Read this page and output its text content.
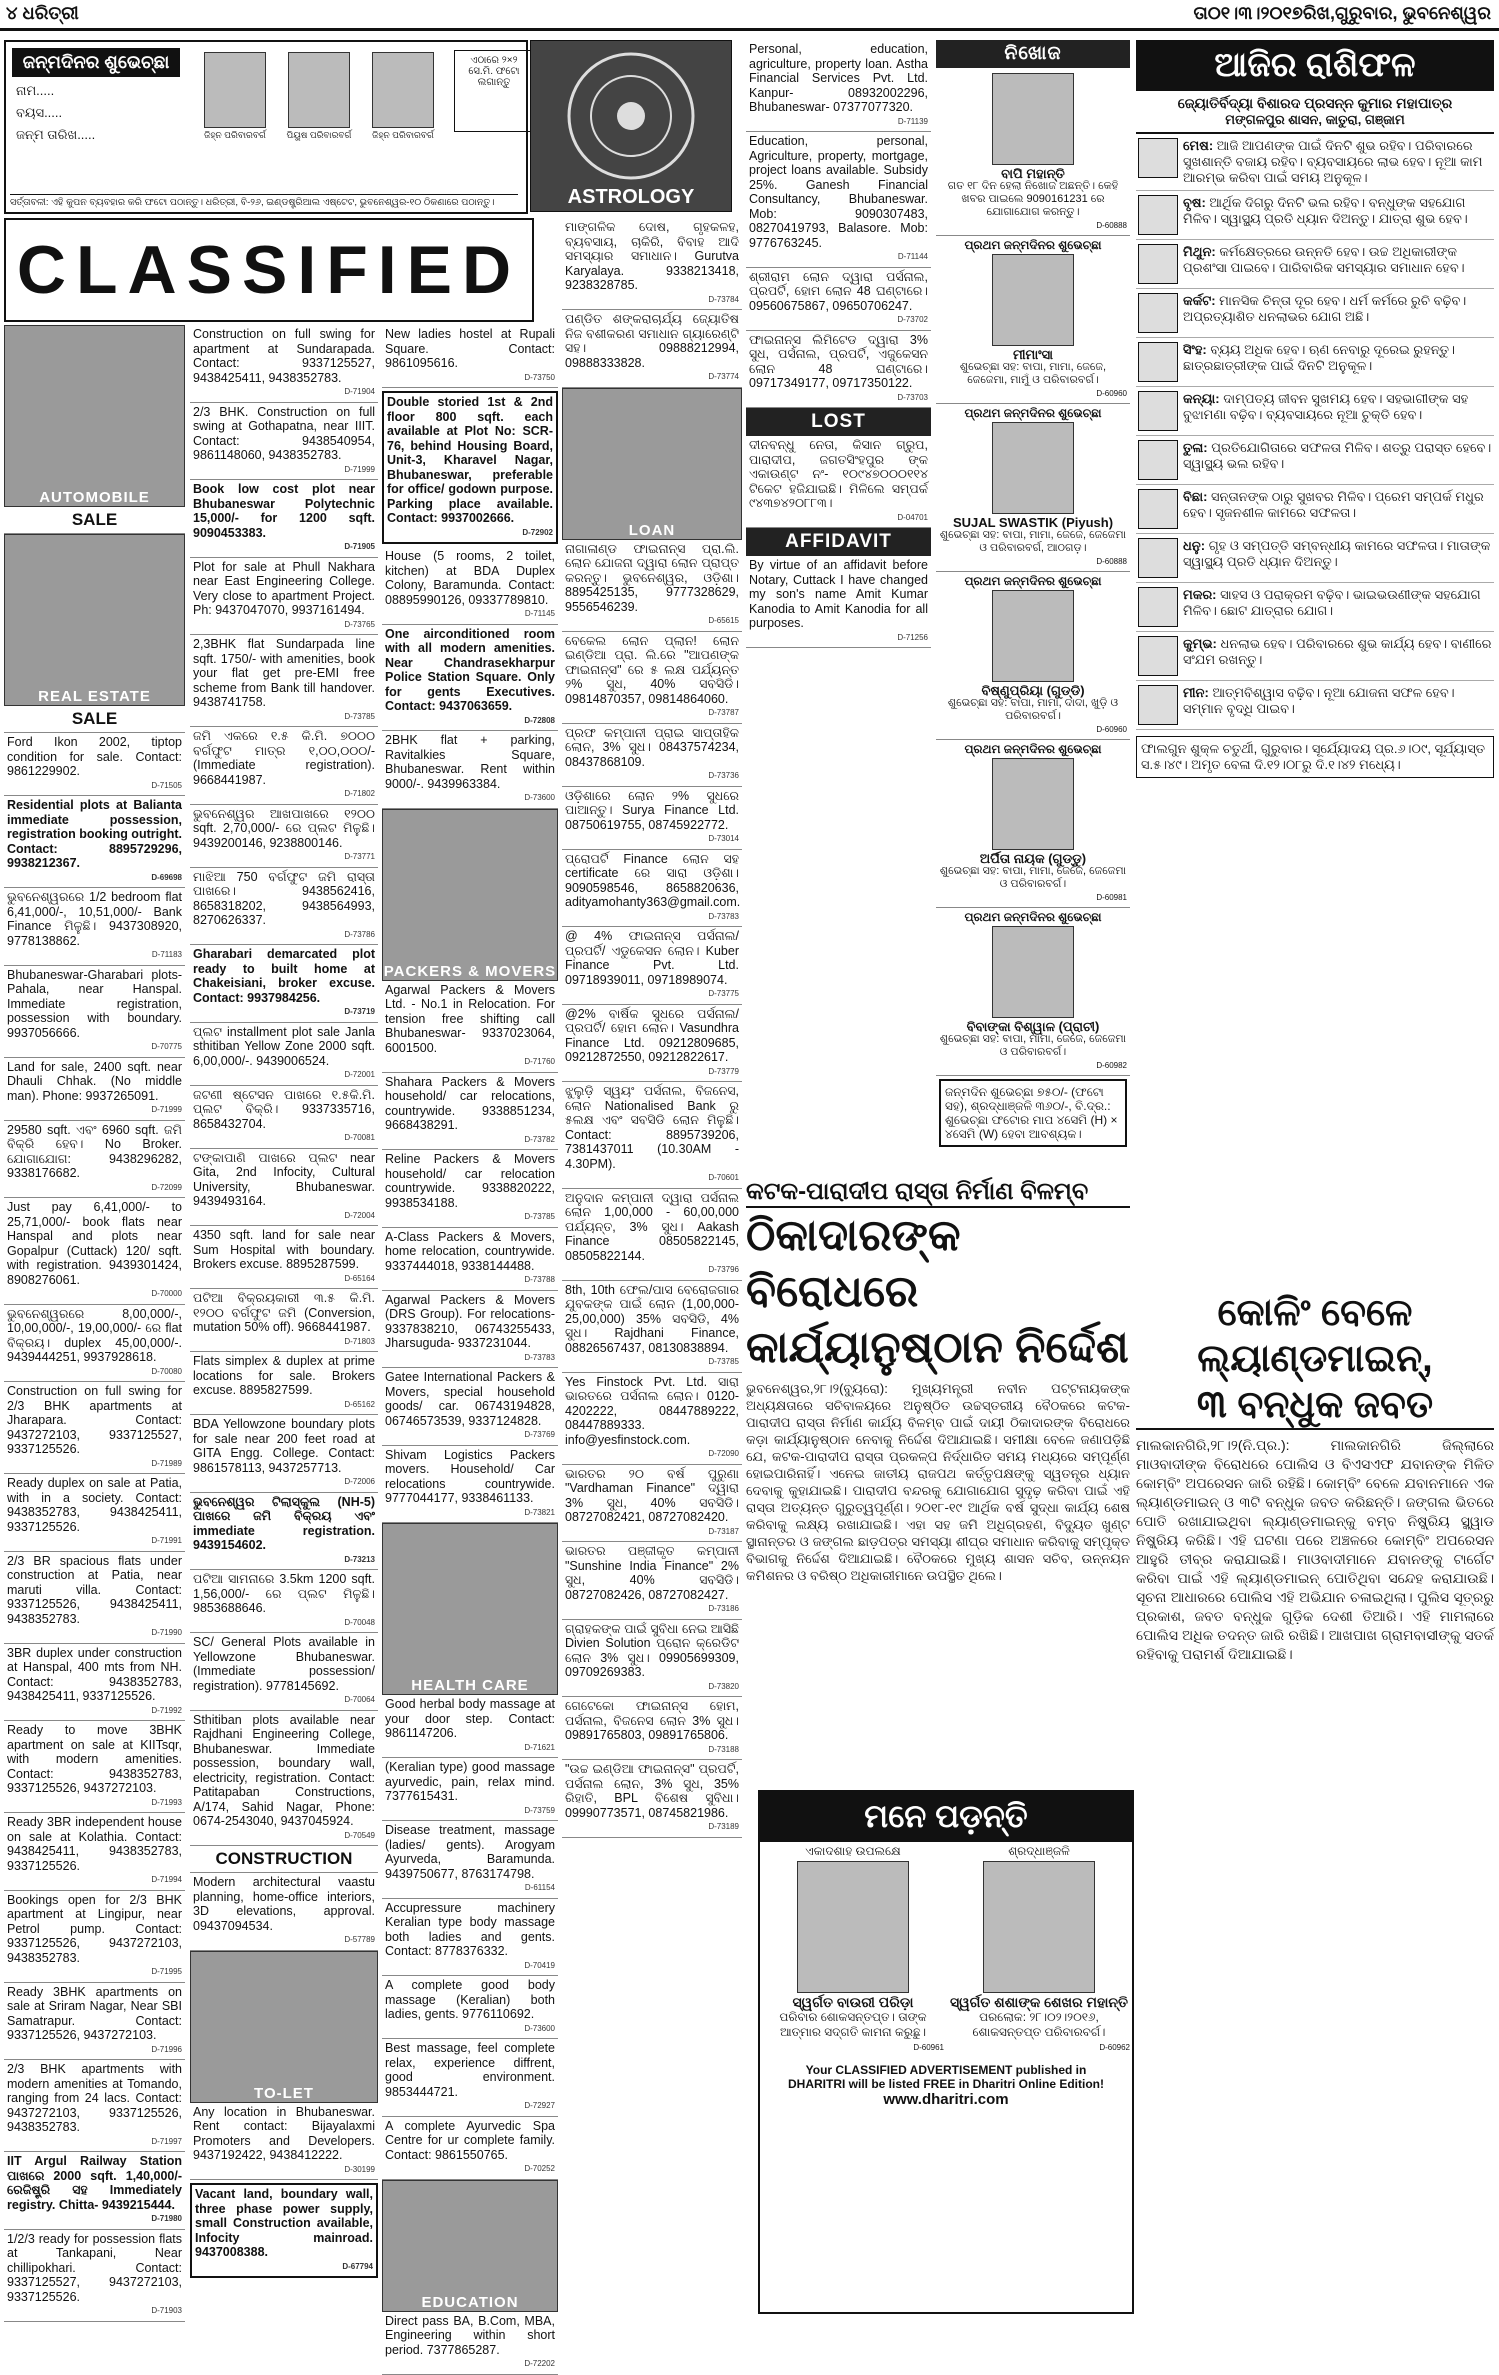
୪ ଧରିତ୍ରୀ	ତା୦୧।୩।୨୦୧୭ରିଖ,ଗୁରୁବାର, ଭୁବନେଶ୍ୱର
ଜନ୍ମଦିନର ଶୁଭେଚ୍ଛା
ନାମ.....
ବୟସ.....
ଜନ୍ମ ତାରିଖ.....	ଜିହ୍ନ ପରିବାରବର୍ଗ	ପିୟୁଷ ପରିବାରବର୍ଗ	ଜିହ୍ନ ପରିବାରବର୍ଗ
ଏଠାରେ ୨×୨ ସେ.ମି. ଫଟୋ ଲଗାନ୍ତୁ
ସର୍ତ୍ତାବଳୀ: ଏହି କୁପନ ବ୍ୟବହାର କରି ଫଟୋ ପଠାନ୍ତୁ। ଧରିତ୍ରୀ, ବି-୨୬, ଇଣ୍ଡଷ୍ଟ୍ରିଆଲ ଏଷ୍ଟେଟ, ଭୁବନେଶ୍ୱର-୧୦ ଠିକଣାରେ ପଠାନ୍ତୁ।	ASTROLOGY
CLASSIFIED
AUTOMOBILE
SALE
REAL ESTATE
SALE
Ford Ikon 2002, tiptop condition for sale. Contact: 9861229902.
D-71505
Residential plots at Balianta immediate possession, registration booking outright. Contact: 8895729296, 9938212367.
D-69698
ଭୁବନେଶ୍ୱରରେ 1/2 bedroom flat 6,41,000/-, 10,51,000/- Bank Finance ମିଳୁଛି। 9437308920, 9778138862.
D-71183
Bhubaneswar-Gharabari plots-Pahala, near Hanspal. Immediate registration, possession with boundary. 9937056666.
D-70775
Land for sale, 2400 sqft. near Dhauli Chhak. (No middle man). Phone: 9937265091.
D-71999
29580 sqft. ଏବଂ 6960 sqft. ଜମି ବିକ୍ରି ହେବ। No Broker. ଯୋଗାଯୋଗ: 9438296282, 9338176682.
D-72099
Just pay 6,41,000/- to 25,71,000/- book flats near Hanspal and plots near Gopalpur (Cuttack) 120/ sqft. with registration. 9439301424, 8908276061.
D-70000
ଭୁବନେଶ୍ୱରରେ 8,00,000/-, 10,00,000/-, 19,00,000/- ରେ flat ବିକ୍ରୟ। duplex 45,00,000/-. 9439444251, 9937928618.
D-70080
Construction on full swing for 2/3 BHK apartments at Jharapara. Contact: 9437272103, 9337125527, 9337125526.
D-71989
Ready duplex on sale at Patia, with in a society. Contact: 9438352783, 9438425411, 9337125526.
D-71991
2/3 BR spacious flats under construction at Patia, near maruti villa. Contact: 9337125526, 9438425411, 9438352783.
D-71990
3BR duplex under construction at Hanspal, 400 mts from NH. Contact: 9438352783, 9438425411, 9337125526.
D-71992
Ready to move 3BHK apartment on sale at KIITsqr, with modern amenities. Contact: 9438352783, 9337125526, 9437272103.
D-71993
Ready 3BR independent house on sale at Kolathia. Contact: 9438425411, 9438352783, 9337125526.
D-71994
Bookings open for 2/3 BHK apartment at Lingipur, near Petrol pump. Contact: 9337125526, 9437272103, 9438352783.
D-71995
Ready 3BHK apartments on sale at Sriram Nagar, Near SBI Samatrapur. Contact: 9337125526, 9437272103.
D-71996
2/3 BHK apartments with modern amenities at Tomando, ranging from 24 lacs. Contact: 9437272103, 9337125526, 9438352783.
D-71997
IIT Argul Railway Station ପାଖରେ 2000 sqft. 1,40,000/- ରେଜିଷ୍ଟ୍ରି ସହ Immediately registry. Chitta- 9439215444.
D-71980
1/2/3 ready for possession flats at Tankapani, Near chillipokhari. Contact: 9337125527, 9437272103, 9337125526.
D-71903
Construction on full swing for apartment at Sundarapada. Contact: 9337125527, 9438425411, 9438352783.
D-71904
2/3 BHK. Construction on full swing at Gothapatna, near IIIT. Contact: 9438540954, 9861148060, 9438352783.
D-71999
Book low cost plot near Bhubaneswar Polytechnic 15,000/- for 1200 sqft. 9090453383.
D-71905
Plot for sale at Phull Nakhara near East Engineering College. Very close to apartment Project. Ph: 9437047070, 9937161494.
D-73765
2,3BHK flat Sundarpada line sqft. 1750/- with amenities, book your flat get pre-EMI free scheme from Bank till handover. 9438741758.
D-73785
ଜମି ଏକରେ ୧.୫ କି.ମି. ୭୦୦୦ ବର୍ଗଫୁଟ ମାତ୍ର ୧,୦୦,୦୦୦/- (Immediate registration). 9668441987.
D-71802
ଭୁବନେଶ୍ୱର ଆଖପାଖରେ ୧୨୦୦ sqft. 2,70,000/- ରେ ପ୍ଲଟ ମିଳୁଛି। 9439200146, 9238800146.
D-73771
ମାଝିଆ 750 ବର୍ଗଫୁଟ ଜମି ରାସ୍ତା ପାଖରେ। 9438562416, 8658318202, 9438564993, 8270626337.
D-73786
Gharabari demarcated plot ready to built home at Chakeisiani, broker excuse. Contact: 9937984256.
D-73719
ପ୍ଲଟ installment plot sale Janla sthitiban Yellow Zone 2000 sqft. 6,00,000/-. 9439006524.
D-72001
ଜଟଣୀ ଷ୍ଟେସନ ପାଖରେ ୧.୫କି.ମି. ପ୍ଲଟ ବିକ୍ରି। 9337335716, 8658432704.
D-70081
ଟଙ୍କାପାଣି ପାଖରେ ପ୍ଲଟ near Gita, 2nd Infocity, Cultural University, Bhubaneswar. 9439493164.
D-72004
4350 sqft. land for sale near Sum Hospital with boundary. Brokers excuse. 8895287599.
D-65164
ପଟିଆ ବିକ୍ରୟକାରୀ ୩.୫ କି.ମି. ୧୨୦୦ ବର୍ଗଫୁଟ ଜମି (Conversion, mutation 50% off). 9668441987.
D-71803
Flats simplex & duplex at prime locations for sale. Brokers excuse. 8895827599.
D-65162
BDA Yellowzone boundary plots for sale near 200 feet road at GITA Engg. College. Contact: 9861578113, 9437257713.
D-72006
ଭୁବନେଶ୍ୱର ଟିଲାସ୍କୁଲ (NH-5) ପାଖରେ ଜମି ବିକ୍ରୟ ଏବଂ immediate registration. 9439154602.
D-73213
ପଟିଆ ସାମନାରେ 3.5km 1200 sqft. 1,56,000/- ରେ ପ୍ଲଟ ମିଳୁଛି। 9853688646.
D-70048
SC/ General Plots available in Yellowzone Bhubaneswar. (Immediate possession/ registration). 9778145692.
D-70064
Sthitiban plots available near Rajdhani Engineering College, Bhubaneswar. Immediate possession, boundary wall, electricity, registration. Contact: Patitapaban Constructions, A/174, Sahid Nagar, Phone: 0674-2543040, 9437045924.
D-70549
CONSTRUCTION
Modern architectural vaastu planning, home-office interiors, 3D elevations, approval. 09437094534.
D-57789
TO-LET
Any location in Bhubaneswar. Rent contact: Bijayalaxmi Promoters and Developers. 9437192422, 9438412222.
D-30199
Vacant land, boundary wall, three phase power supply, small Construction available, Infocity mainroad. 9437008388.
D-67794
New ladies hostel at Rupali Square. Contact: 9861095616.
D-73750
Double storied 1st & 2nd floor 800 sqft. each available at Plot No: SCR-76, behind Housing Board, Unit-3, Kharavel Nagar, Bhubaneswar, preferable for office/ godown purpose. Parking place available. Contact: 9937002666.
D-72902
House (5 rooms, 2 toilet, kitchen) at BDA Duplex Colony, Baramunda. Contact: 08895990126, 09337789810.
D-71145
One airconditioned room with all modern amenities. Near Chandrasekharpur Police Station Square. Only for gents Executives. Contact: 9437063659.
D-72808
2BHK flat + parking, Ravitalkies Square, Bhubaneswar. Rent within 9000/-. 9439963384.
D-73600
PACKERS & MOVERS
Agarwal Packers & Movers Ltd. - No.1 in Relocation. For tension free shifting call Bhubaneswar- 9337023064, 6001500.
D-71760
Shahara Packers & Movers household/ car relocations, countrywide. 9338851234, 9668438291.
D-73782
Reline Packers & Movers household/ car relocation countrywide. 9338820222, 9938534188.
D-73785
A-Class Packers & Movers, home relocation, countrywide. 9337444018, 9338144488.
D-73788
Agarwal Packers & Movers (DRS Group). For relocations- 9337838210, 06743255433, Jharsuguda- 9337231044.
D-73783
Gatee International Packers & Movers, special household goods/ car. 06743194828, 06746573539, 9337124828.
D-73769
Shivam Logistics Packers movers. Household/ Car relocations countrywide. 9777044177, 9338461133.
D-73821
HEALTH CARE
Good herbal body massage at your door step. Contact: 9861147206.
D-71621
(Keralian type) good massage ayurvedic, pain, relax mind. 7377615431.
D-73759
Disease treatment, massage (ladies/ gents). Arogyam Ayurveda, Baramunda. 9439750677, 8763174798.
D-61154
Accupressure machinery Keralian type body massage both ladies and gents. Contact: 8778376332.
D-70419
A complete good body massage (Keralian) both ladies, gents. 9776110692.
D-73600
Best massage, feel complete relax, experience diffrent, good environment. 9853444721.
D-72927
A complete Ayurvedic Spa Centre for ur complete family. Contact: 9861550765.
D-70252
EDUCATION
Direct pass BA, B.Com, MBA, Engineering within short period. 7377865287.
D-72202
ମାଙ୍ଗଳିକ ଦୋଷ, ଗୃହକଳହ, ବ୍ୟବସାୟ, ଚାକିରି, ବିବାହ ଆଦି ସମସ୍ୟାର ସମାଧାନ। Gurutva Karyalaya. 9338213418, 9238328785.
D-73784
ପଣ୍ଡିତ ଶଙ୍କରାଚାର୍ଯ୍ୟ ଜ୍ୟୋତିଷ ନିଜ ବଶୀକରଣ ସମାଧାନ ଗ୍ୟାରେଣ୍ଟି ସହ। 09888212994, 09888333828.
D-73774
LOAN
ନାଗାଳାଣ୍ଡ ଫାଇନାନ୍ସ ପ୍ରା.ଲି. ଲୋନ ଯୋଜନା ଦ୍ୱାରା ଲୋନ ପ୍ରାପ୍ତ କରନ୍ତୁ। ଭୁବନେଶ୍ୱର, ଓଡ଼ିଶା। 8895425135, 9777328629, 9556546239.
D-65615
ବେକେଲ ଲୋନ ପ୍ଲାନ! ଲୋନ ଇଣ୍ଡିଆ ପ୍ରା. ଲି.ରେ "ଆପଣଙ୍କ ଫାଇନାନ୍ସ" ରେ ୫ ଲକ୍ଷ ପର୍ଯ୍ୟନ୍ତ ୨% ସୁଧ, 40% ସବସିଡି। 09814870357, 09814864060.
D-73787
ପ୍ରଫ କମ୍ପାନୀ ପ୍ରାଇ ସାପ୍ତାହିକ ଲୋନ, 3% ସୁଧ। 08437574234, 08437868109.
D-73736
ଓଡ଼ିଶାରେ ଲୋନ ୨% ସୁଧରେ ପାଆନ୍ତୁ। Surya Finance Ltd. 08750619755, 08745922772.
D-73014
ପ୍ରୋପର୍ଟି Finance ଲୋନ ସହ certificate ରେ ସାରା ଓଡ଼ିଶା। 9090598546, 8658820636, adityamohanty363@gmail.com.
D-73783
@ 4% ଫାଇନାନ୍ସ ପର୍ସନାଲ/ ପ୍ରପର୍ଟି/ ଏଡୁକେସନ ଲୋନ। Kuber Finance Pvt. Ltd. 09718939011, 09718989074.
D-73775
@2% ବାର୍ଷିକ ସୁଧରେ ପର୍ସନାଲ/ ପ୍ରପର୍ଟି/ ହୋମ ଲୋନ। Vasundhra Finance Ltd. 09212809685, 09212872550, 09212822617.
D-73779
ଝୁଲୁଡ଼ି ସ୍ୱୟଂ ପର୍ସନାଲ, ବିଜନେସ, ଲୋନ Nationalised Bank ରୁ ୫ଲକ୍ଷ ଏବଂ ସବସିଡି ଲୋନ ମିଳୁଛି। Contact: 8895739206, 7381437011 (10.30AM - 4.30PM).
D-70601
ଅନୁଦାନ କମ୍ପାନୀ ଦ୍ୱାରା ପର୍ସନାଲ ଲୋନ 1,00,000 - 60,00,000 ପର୍ଯ୍ୟନ୍ତ, 3% ସୁଧ। Aakash Finance 08505822145, 08505822144.
D-73796
8th, 10th ଫେଲ/ପାସ ବେରୋଜଗାର ଯୁବକଙ୍କ ପାଇଁ ଲୋନ (1,00,000-25,00,000) 35% ସବସିଡି, 4% ସୁଧ। Rajdhani Finance, 08826567437, 08130838894.
D-73785
Yes Finstock Pvt. Ltd. ସାରା ଭାରତରେ ପର୍ସନାଲ ଲୋନ। 0120-4202222, 08447889222, 08447889333. info@yesfinstock.com.
D-72090
ଭାରତର ୨୦ ବର୍ଷ ପୁରୁଣା "Vardhaman Finance" ଦ୍ୱାରା 3% ସୁଧ, 40% ସବସିଡି। 08727082421, 08727082420.
D-73187
ଭାରତର ପଞ୍ଜୀକୃତ କମ୍ପାନୀ "Sunshine India Finance" 2% ସୁଧ, 40% ସବସିଡି। 08727082426, 08727082427.
D-73186
ଗ୍ରାହକଙ୍କ ପାଇଁ ସୁବିଧା ନେଇ ଆସିଛି Divien Solution ପ୍ରୋନ କ୍ରେଡିଟ ଲୋନ 3% ସୁଧ। 09905699309, 09709269383.
D-73820
ଗେଟେକୋ ଫାଇନାନ୍ସ ହୋମ, ପର୍ସନାଲ, ବିଜନେସ ଲୋନ 3% ସୁଧ। 09891765803, 09891765806.
D-73188
"ଉଚ୍ଚ ଇଣ୍ଡିଆ ଫାଇନାନ୍ସ" ପ୍ରପର୍ଟି, ପର୍ସନାଲ ଲୋନ, 3% ସୁଧ, 35% ରିହାତି, BPL ବିଶେଷ ସୁବିଧା। 09990773571, 08745821986.
D-73189
Personal, education, agriculture, property loan. Astha Financial Services Pvt. Ltd. Kanpur- 08932002296, Bhubaneswar- 07377077320.
D-71139
Education, personal, Agriculture, property, mortgage, project loans available. Subsidy 25%. Ganesh Financial Consultancy, Bhubaneswar. Mob: 9090307483, 08270419793, Balasore. Mob: 9776763245.
D-71144
ଶ୍ରୀରାମ ଲୋନ ଦ୍ୱାରା ପର୍ସନାଲ, ପ୍ରପର୍ଟି, ହୋମ ଲୋନ 48 ଘଣ୍ଟାରେ। 09560675867, 09650706247.
D-73702
ଫାଇନାନ୍ସ ଲିମିଟେଡ ଦ୍ୱାରା 3% ସୁଧ, ପର୍ସନାଲ, ପ୍ରପର୍ଟି, ଏଜୁକେସନ ଲୋନ 48 ଘଣ୍ଟାରେ। 09717349177, 09717350122.
D-73703
LOST
ଦୀନବନ୍ଧୁ ନେତା, କିସାନ ଗ୍ରୁପ, ପାରାଦୀପ, ଜଗତସିଂହପୁର ଙ୍କ ଏକାଉଣ୍ଟ ନଂ- ୧୦୯୪୭୦୦୦୧୧୪ ଟିକେଟ ହଜିଯାଇଛି। ମିଳିଲେ ସମ୍ପର୍କ ୯୪୩୭୪୨୦୮୮୩।
D-04701
AFFIDAVIT
By virtue of an affidavit before Notary, Cuttack I have changed my son's name Amit Kumar Kanodia to Amit Kanodia for all purposes.
D-71256
ନିଖୋଜ
ବାପି ମହାନ୍ତି
ଗତ ୧୮ ଦିନ ହେଲା ନିଖୋଜ ଅଛନ୍ତି। କେହି ଖବର ପାଇଲେ 9090161231 ରେ ଯୋଗାଯୋଗ କରନ୍ତୁ।
D-60888
ପ୍ରଥମ ଜନ୍ମଦିନର ଶୁଭେଚ୍ଛା
ମୀମାଂସା
ଶୁଭେଚ୍ଛା ସହ: ବାପା, ମାମା, ଜେଜେ, ଜେଜେମା, ମାମୁଁ ଓ ପରିବାରବର୍ଗ।
D-60960
ପ୍ରଥମ ଜନ୍ମଦିନର ଶୁଭେଚ୍ଛା
SUJAL SWASTIK (Piyush)
ଶୁଭେଚ୍ଛା ସହ: ବାପା, ମାମା, ଜେଜେ, ଜେଜେମା ଓ ପରିବାରବର୍ଗ, ଆଠଗଡ଼।
D-60888
ପ୍ରଥମ ଜନ୍ମଦିନର ଶୁଭେଚ୍ଛା
ବିଷ୍ଣୁପ୍ରିୟା (ଗୁଡ୍ଡି)
ଶୁଭେଚ୍ଛା ସହ: ବାପା, ମାମା, ଦାଦା, ଖୁଡ଼ି ଓ ପରିବାରବର୍ଗ।
D-60960
ପ୍ରଥମ ଜନ୍ମଦିନର ଶୁଭେଚ୍ଛା
ଅର୍ପିତା ନାୟକ (ଗୁଡ୍ଡୁ)
ଶୁଭେଚ୍ଛା ସହ: ବାପା, ମାମା, ଜେଜେ, ଜେଜେମା ଓ ପରିବାରବର୍ଗ।
D-60981
ପ୍ରଥମ ଜନ୍ମଦିନର ଶୁଭେଚ୍ଛା
ବିବାଙ୍କା ବିଶ୍ୱାଳ (ପ୍ରାଚୀ)
ଶୁଭେଚ୍ଛା ସହ: ବାପା, ମାମା, ଜେଜେ, ଜେଜେମା ଓ ପରିବାରବର୍ଗ।
D-60982
ଜନ୍ମଦିନ ଶୁଭେଚ୍ଛା ୭୫୦/- (ଫଟୋ ସହ), ଶ୍ରଦ୍ଧାଞ୍ଜଳି ୩୬୦/-, ବି.ଦ୍ର.: ଶୁଭେଚ୍ଛା ଫଟୋର ମାପ ୪ସେମି (H) × ୪ସେମି (W) ହେବା ଆବଶ୍ୟକ।
କଟକ-ପାରାଦୀପ ରାସ୍ତା ନିର୍ମାଣ ବିଳମ୍ବ
ଠିକାଦାରଙ୍କ ବିରୋଧରେ
କାର୍ଯ୍ୟାନୁଷ୍ଠାନ ନିର୍ଦ୍ଦେଶ
ଭୁବନେଶ୍ୱର,୨୮।୨(ବ୍ୟୁରୋ): ମୁଖ୍ୟମନ୍ତ୍ରୀ ନବୀନ ପଟ୍ଟନାୟକଙ୍କ ଅଧ୍ୟକ୍ଷତାରେ ସଚିବାଳୟରେ ଅନୁଷ୍ଠିତ ଉଚ୍ଚସ୍ତରୀୟ ବୈଠକରେ କଟକ-ପାରାଦୀପ ରାସ୍ତା ନିର୍ମାଣ କାର୍ଯ୍ୟ ବିଳମ୍ବ ପାଇଁ ଦାୟୀ ଠିକାଦାରଙ୍କ ବିରୋଧରେ କଡ଼ା କାର୍ଯ୍ୟାନୁଷ୍ଠାନ ନେବାକୁ ନିର୍ଦ୍ଦେଶ ଦିଆଯାଇଛି। ସମୀକ୍ଷା ବେଳେ ଜଣାପଡ଼ିଛି ଯେ, କଟକ-ପାରାଦୀପ ରାସ୍ତା ପ୍ରକଳ୍ପ ନିର୍ଦ୍ଧାରିତ ସମୟ ମଧ୍ୟରେ ସମ୍ପୂର୍ଣ୍ଣ ହୋଇପାରିନାହିଁ। ଏନେଇ ଜାତୀୟ ରାଜପଥ କର୍ତ୍ତୃପକ୍ଷଙ୍କୁ ସ୍ୱତନ୍ତ୍ର ଧ୍ୟାନ ଦେବାକୁ କୁହାଯାଇଛି। ପାରାଦୀପ ବନ୍ଦରକୁ ଯୋଗାଯୋଗ ସୁଦୃଢ଼ କରିବା ପାଇଁ ଏହି ରାସ୍ତା ଅତ୍ୟନ୍ତ ଗୁରୁତ୍ୱପୂର୍ଣ୍ଣ। ୨୦୧୮-୧୯ ଆର୍ଥିକ ବର୍ଷ ସୁଦ୍ଧା କାର୍ଯ୍ୟ ଶେଷ କରିବାକୁ ଲକ୍ଷ୍ୟ ରଖାଯାଇଛି। ଏହା ସହ ଜମି ଅଧିଗ୍ରହଣ, ବିଦ୍ୟୁତ ଖୁଣ୍ଟ ସ୍ଥାନାନ୍ତର ଓ ଜଙ୍ଗଲ ଛାଡ଼ପତ୍ର ସମସ୍ୟା ଶୀଘ୍ର ସମାଧାନ କରିବାକୁ ସମ୍ପୃକ୍ତ ବିଭାଗକୁ ନିର୍ଦ୍ଦେଶ ଦିଆଯାଇଛି। ବୈଠକରେ ମୁଖ୍ୟ ଶାସନ ସଚିବ, ଉନ୍ନୟନ କମିଶନର ଓ ବରିଷ୍ଠ ଅଧିକାରୀମାନେ ଉପସ୍ଥିତ ଥିଲେ।
ମନେ ପଡ଼ନ୍ତି
ଏକାଦଶାହ ଉପଲକ୍ଷେ
ସ୍ୱର୍ଗତ ବାଉରୀ ପରିଡ଼ା
ପରିବାର ଶୋକସନ୍ତପ୍ତ। ତାଙ୍କ ଆତ୍ମାର ସଦ୍‌ଗତି କାମନା କରୁଛୁ।
D-60961
ଶ୍ରଦ୍ଧାଞ୍ଜଳି
ସ୍ୱର୍ଗତ ଶଶାଙ୍କ ଶେଖର ମହାନ୍ତି
ପରଲୋକ: ୨୮।୦୨।୨୦୧୬, ଶୋକସନ୍ତପ୍ତ ପରିବାରବର୍ଗ।
D-60962
Your CLASSIFIED ADVERTISEMENT published in DHARITRI will be listed FREE in Dharitri Online Edition!
www.dharitri.com
ଆଜିର ରାଶିଫଳ
ଜ୍ୟୋତିର୍ବିଦ୍ୟା ବିଶାରଦ ପ୍ରସନ୍ନ କୁମାର ମହାପାତ୍ର
ମଙ୍ଗଳପୁର ଶାସନ, କାତୁରା, ଗଞ୍ଜାମ
ମେଷ: ଆଜି ଆପଣଙ୍କ ପାଇଁ ଦିନଟି ଶୁଭ ରହିବ। ପରିବାରରେ ସୁଖଶାନ୍ତି ବଜାୟ ରହିବ। ବ୍ୟବସାୟରେ ଲାଭ ହେବ। ନୂଆ କାମ ଆରମ୍ଭ କରିବା ପାଇଁ ସମୟ ଅନୁକୂଳ।
ବୃଷ: ଆର୍ଥିକ ଦିଗରୁ ଦିନଟି ଭଲ ରହିବ। ବନ୍ଧୁଙ୍କ ସହଯୋଗ ମିଳିବ। ସ୍ୱାସ୍ଥ୍ୟ ପ୍ରତି ଧ୍ୟାନ ଦିଅନ୍ତୁ। ଯାତ୍ରା ଶୁଭ ହେବ।
ମିଥୁନ: କର୍ମକ୍ଷେତ୍ରରେ ଉନ୍ନତି ହେବ। ଉଚ୍ଚ ଅଧିକାରୀଙ୍କ ପ୍ରଶଂସା ପାଇବେ। ପାରିବାରିକ ସମସ୍ୟାର ସମାଧାନ ହେବ।
କର୍କଟ: ମାନସିକ ଚିନ୍ତା ଦୂର ହେବ। ଧର୍ମ କର୍ମରେ ରୁଚି ବଢ଼ିବ। ଅପ୍ରତ୍ୟାଶିତ ଧନଲାଭର ଯୋଗ ଅଛି।
ସିଂହ: ବ୍ୟୟ ଅଧିକ ହେବ। ଋଣ ନେବାରୁ ଦୂରେଇ ରୁହନ୍ତୁ। ଛାତ୍ରଛାତ୍ରୀଙ୍କ ପାଇଁ ଦିନଟି ଅନୁକୂଳ।
କନ୍ୟା: ଦାମ୍ପତ୍ୟ ଜୀବନ ସୁଖମୟ ହେବ। ସହଭାଗୀଙ୍କ ସହ ବୁଝାମଣା ବଢ଼ିବ। ବ୍ୟବସାୟରେ ନୂଆ ଚୁକ୍ତି ହେବ।
ତୁଳା: ପ୍ରତିଯୋଗିତାରେ ସଫଳତା ମିଳିବ। ଶତ୍ରୁ ପରାସ୍ତ ହେବେ। ସ୍ୱାସ୍ଥ୍ୟ ଭଲ ରହିବ।
ବିଛା: ସନ୍ତାନଙ୍କ ଠାରୁ ସୁଖବର ମିଳିବ। ପ୍ରେମ ସମ୍ପର୍କ ମଧୁର ହେବ। ସୃଜନଶୀଳ କାମରେ ସଫଳତା।
ଧନୁ: ଗୃହ ଓ ସମ୍ପତ୍ତି ସମ୍ବନ୍ଧୀୟ କାମରେ ସଫଳତା। ମାତାଙ୍କ ସ୍ୱାସ୍ଥ୍ୟ ପ୍ରତି ଧ୍ୟାନ ଦିଅନ୍ତୁ।
ମକର: ସାହସ ଓ ପରାକ୍ରମ ବଢ଼ିବ। ଭାଇଭଉଣୀଙ୍କ ସହଯୋଗ ମିଳିବ। ଛୋଟ ଯାତ୍ରାର ଯୋଗ।
କୁମ୍ଭ: ଧନଲାଭ ହେବ। ପରିବାରରେ ଶୁଭ କାର୍ଯ୍ୟ ହେବ। ବାଣୀରେ ସଂଯମ ରଖନ୍ତୁ।
ମୀନ: ଆତ୍ମବିଶ୍ୱାସ ବଢ଼ିବ। ନୂଆ ଯୋଜନା ସଫଳ ହେବ। ସମ୍ମାନ ବୃଦ୍ଧି ପାଇବ।
ଫାଲଗୁନ ଶୁକ୍ଳ ଚତୁର୍ଥୀ, ଗୁରୁବାର। ସୂର୍ଯ୍ୟୋଦୟ ପ୍ର.୬।୦୯, ସୂର୍ଯ୍ୟାସ୍ତ ସ.୫।୪୯। ଅମୃତ ବେଳା ଦି.୧୨।୦୮ରୁ ଦି.୧।୪୨ ମଧ୍ୟେ।
କୋଳିଂ ବେଳେ ଲ୍ୟାଣ୍ଡମାଇନ୍,
୩ ବନ୍ଧୁକ ଜବତ
ମାଲକାନଗିରି,୨୮।୨(ନି.ପ୍ର.): ମାଲକାନଗିରି ଜିଲ୍ଲାରେ ମାଓବାଦୀଙ୍କ ବିରୋଧରେ ପୋଲିସ ଓ ବିଏସଏଫ ଯବାନଙ୍କ ମିଳିତ କୋମ୍ବିଂ ଅପରେସନ ଜାରି ରହିଛି। କୋମ୍ବିଂ ବେଳେ ଯବାନମାନେ ଏକ ଲ୍ୟାଣ୍ଡମାଇନ୍ ଓ ୩ଟି ବନ୍ଧୁକ ଜବତ କରିଛନ୍ତି। ଜଙ୍ଗଲ ଭିତରେ ପୋତି ରଖାଯାଇଥିବା ଲ୍ୟାଣ୍ଡମାଇନ୍କୁ ବମ୍ବ ନିଷ୍କ୍ରିୟ ସ୍କ୍ୱାଡ ନିଷ୍କ୍ରିୟ କରିଛି। ଏହି ଘଟଣା ପରେ ଅଞ୍ଚଳରେ କୋମ୍ବିଂ ଅପରେସନ ଆହୁରି ତୀବ୍ର କରାଯାଇଛି। ମାଓବାଦୀମାନେ ଯବାନଙ୍କୁ ଟାର୍ଗେଟ କରିବା ପାଇଁ ଏହି ଲ୍ୟାଣ୍ଡମାଇନ୍ ପୋତିଥିବା ସନ୍ଦେହ କରାଯାଉଛି। ସୂଚନା ଆଧାରରେ ପୋଲିସ ଏହି ଅଭିଯାନ ଚଳାଇଥିଲା। ପୁଲିସ ସୂତ୍ରରୁ ପ୍ରକାଶ, ଜବତ ବନ୍ଧୁକ ଗୁଡ଼ିକ ଦେଶୀ ତିଆରି। ଏହି ମାମଲାରେ ପୋଲିସ ଅଧିକ ତଦନ୍ତ ଜାରି ରଖିଛି। ଆଖପାଖ ଗ୍ରାମବାସୀଙ୍କୁ ସତର୍କ ରହିବାକୁ ପରାମର୍ଶ ଦିଆଯାଇଛି।
